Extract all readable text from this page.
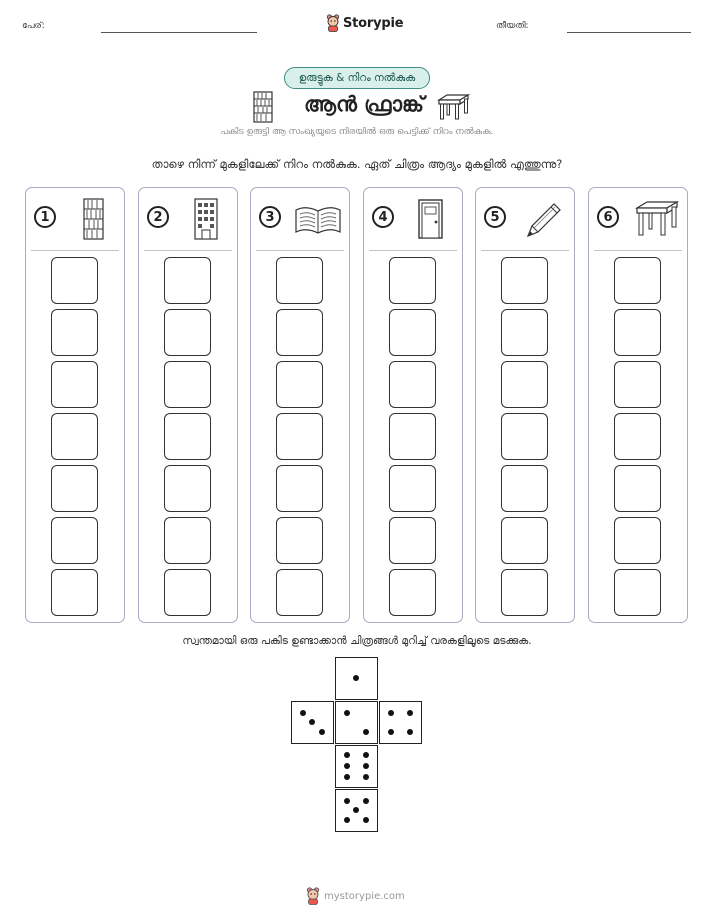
പേര്:	Storypie	തീയതി:
ഉരുട്ടുക & നിറം നൽകുക
ആൻ ഫ്രാങ്ക്
പകിട ഉരുട്ടി ആ സംഖ്യയുടെ നിരയിൽ ഒരു പെട്ടിക്ക് നിറം നൽകുക.
താഴെ നിന്ന് മുകളിലേക്ക് നിറം നൽകുക. ഏത് ചിത്രം ആദ്യം മുകളിൽ എത്തുന്നു?
1	2	3	4	5	6
സ്വന്തമായി ഒരു പകിട ഉണ്ടാക്കാൻ ചിത്രങ്ങൾ മുറിച്ച് വരകളിലൂടെ മടക്കുക.
mystorypie.com
